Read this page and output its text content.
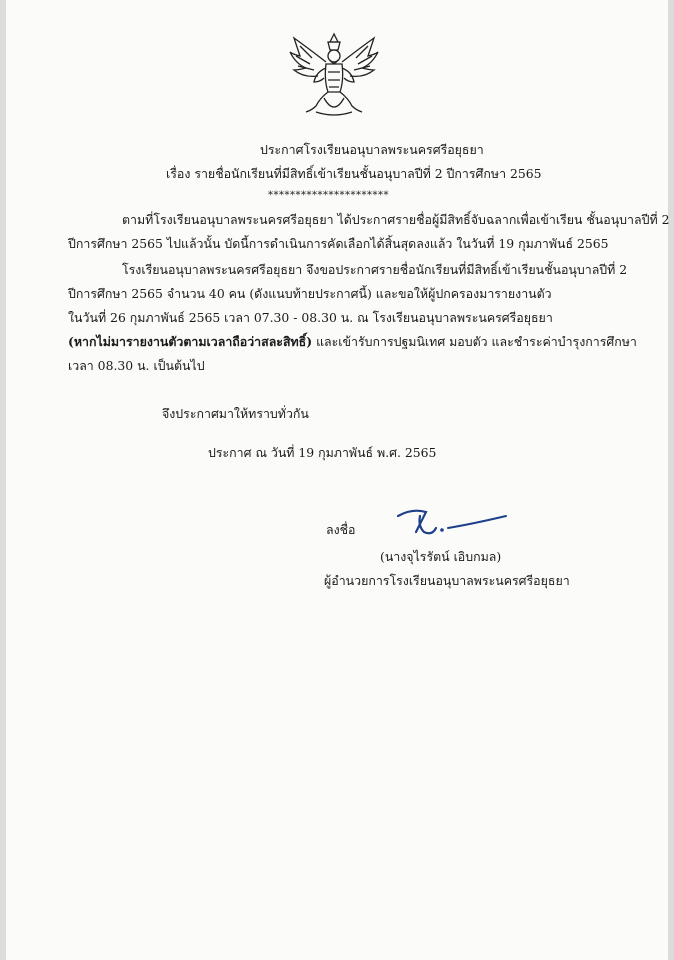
ประกาศโรงเรียนอนุบาลพระนครศรีอยุธยา
เรื่อง รายชื่อนักเรียนที่มีสิทธิ์เข้าเรียนชั้นอนุบาลปีที่ 2 ปีการศึกษา 2565
**********************
ตามที่โรงเรียนอนุบาลพระนครศรีอยุธยา ได้ประกาศรายชื่อผู้มีสิทธิ์จับฉลากเพื่อเข้าเรียน ชั้นอนุบาลปีที่ 2
ปีการศึกษา 2565 ไปแล้วนั้น บัดนี้การดำเนินการคัดเลือกได้สิ้นสุดลงแล้ว ในวันที่ 19 กุมภาพันธ์ 2565
โรงเรียนอนุบาลพระนครศรีอยุธยา จึงขอประกาศรายชื่อนักเรียนที่มีสิทธิ์เข้าเรียนชั้นอนุบาลปีที่ 2
ปีการศึกษา 2565 จำนวน 40 คน (ดังแนบท้ายประกาศนี้) และขอให้ผู้ปกครองมารายงานตัว
ในวันที่ 26 กุมภาพันธ์ 2565 เวลา 07.30 - 08.30 น. ณ โรงเรียนอนุบาลพระนครศรีอยุธยา
(หากไม่มารายงานตัวตามเวลาถือว่าสละสิทธิ์) และเข้ารับการปฐมนิเทศ มอบตัว และชำระค่าบำรุงการศึกษา
เวลา 08.30 น. เป็นต้นไป
จึงประกาศมาให้ทราบทั่วกัน
ประกาศ ณ วันที่ 19 กุมภาพันธ์ พ.ศ. 2565
ลงชื่อ
(นางจุไรรัตน์ เอิบกมล)
ผู้อำนวยการโรงเรียนอนุบาลพระนครศรีอยุธยา
